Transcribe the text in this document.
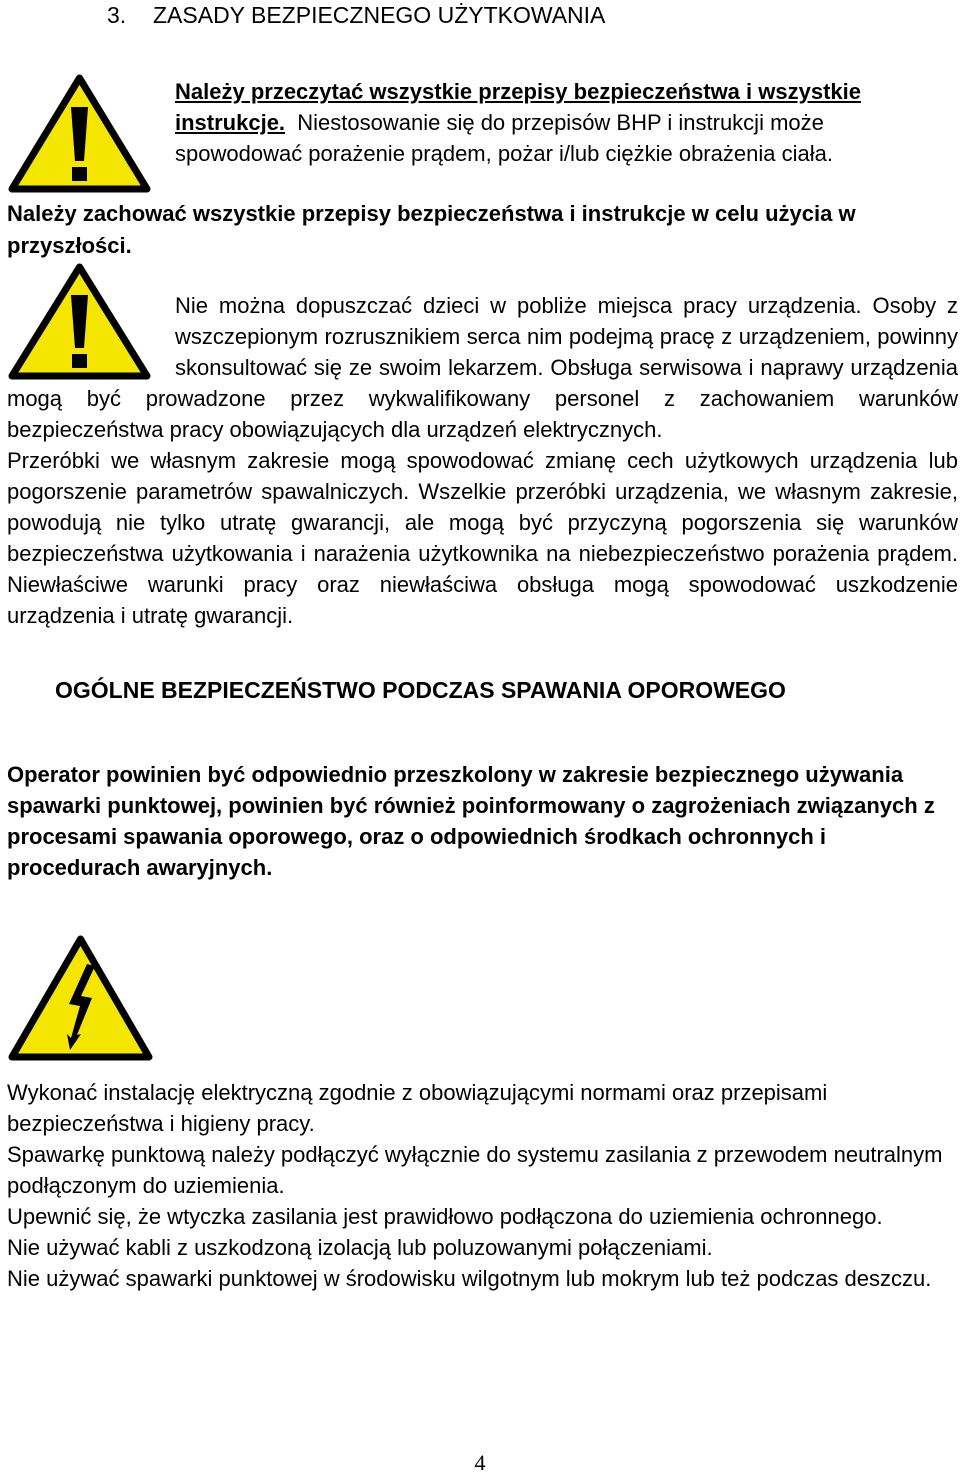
3. ZASADY BEZPIECZNEGO UŻYTKOWANIA
Należy przeczytać wszystkie przepisy bezpieczeństwa i wszystkie instrukcje.  Niestosowanie się do przepisów BHP i instrukcji może spowodować porażenie prądem, pożar i/lub ciężkie obrażenia ciała.
Należy zachować wszystkie przepisy bezpieczeństwa i instrukcje w celu użycia w przyszłości.

Nie można dopuszczać dzieci w pobliże miejsca pracy urządzenia. Osoby z wszczepionym rozrusznikiem serca nim podejmą pracę z urządzeniem, powinny skonsultować się ze swoim lekarzem. Obsługa serwisowa i naprawy urządzenia mogą być prowadzone przez wykwalifikowany personel z zachowaniem warunków bezpieczeństwa pracy obowiązujących dla urządzeń elektrycznych.

Przeróbki we własnym zakresie mogą spowodować zmianę cech użytkowych urządzenia lub pogorszenie parametrów spawalniczych. Wszelkie przeróbki urządzenia, we własnym zakresie, powodują nie tylko utratę gwarancji, ale mogą być przyczyną pogorszenia się warunków bezpieczeństwa użytkowania i narażenia użytkownika na niebezpieczeństwo porażenia prądem. Niewłaściwe warunki pracy oraz niewłaściwa obsługa mogą spowodować uszkodzenie urządzenia i utratę gwarancji.

OGÓLNE BEZPIECZEŃSTWO PODCZAS SPAWANIA OPOROWEGO
Operator powinien być odpowiednio przeszkolony w zakresie bezpiecznego używania spawarki punktowej, powinien być również poinformowany o zagrożeniach związanych z procesami spawania oporowego, oraz o odpowiednich środkach ochronnych i procedurach awaryjnych.

Wykonać instalację elektryczną zgodnie z obowiązującymi normami oraz przepisami bezpieczeństwa i higieny pracy.

Spawarkę punktową należy podłączyć wyłącznie do systemu zasilania z przewodem neutralnym podłączonym do uziemienia.

Upewnić się, że wtyczka zasilania jest prawidłowo podłączona do uziemienia ochronnego.

Nie używać kabli z uszkodzoną izolacją lub poluzowanymi połączeniami.

Nie używać spawarki punktowej w środowisku wilgotnym lub mokrym lub też podczas deszczu.

4
